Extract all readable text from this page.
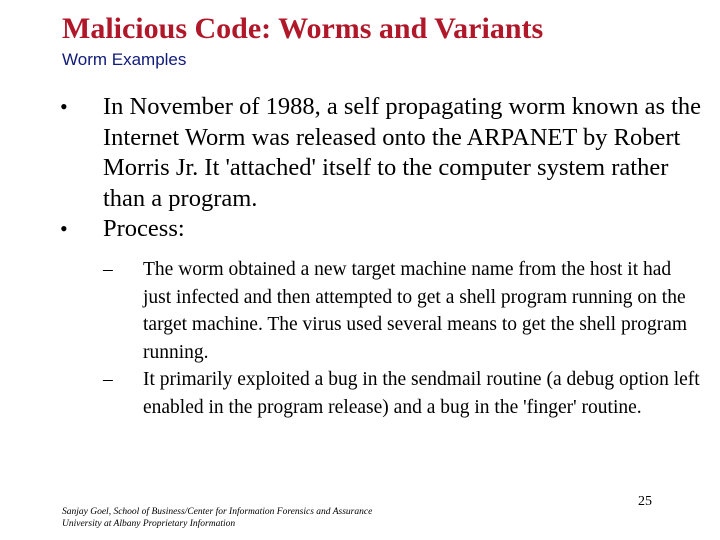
Malicious Code: Worms and Variants
Worm Examples
•	In November of 1988, a self propagating worm known as the Internet Worm was released onto the ARPANET by Robert Morris Jr. It 'attached' itself to the computer system rather than a program.
•	Process:
–	The worm obtained a new target machine name from the host it had just infected and then attempted to get a shell program running on the target machine. The virus used several means to get the shell program running.
–	It primarily exploited a bug in the sendmail routine (a debug option left enabled in the program release) and a bug in the 'finger' routine.
Sanjay Goel, School of Business/Center for Information Forensics and Assurance
University at Albany Proprietary Information
25
